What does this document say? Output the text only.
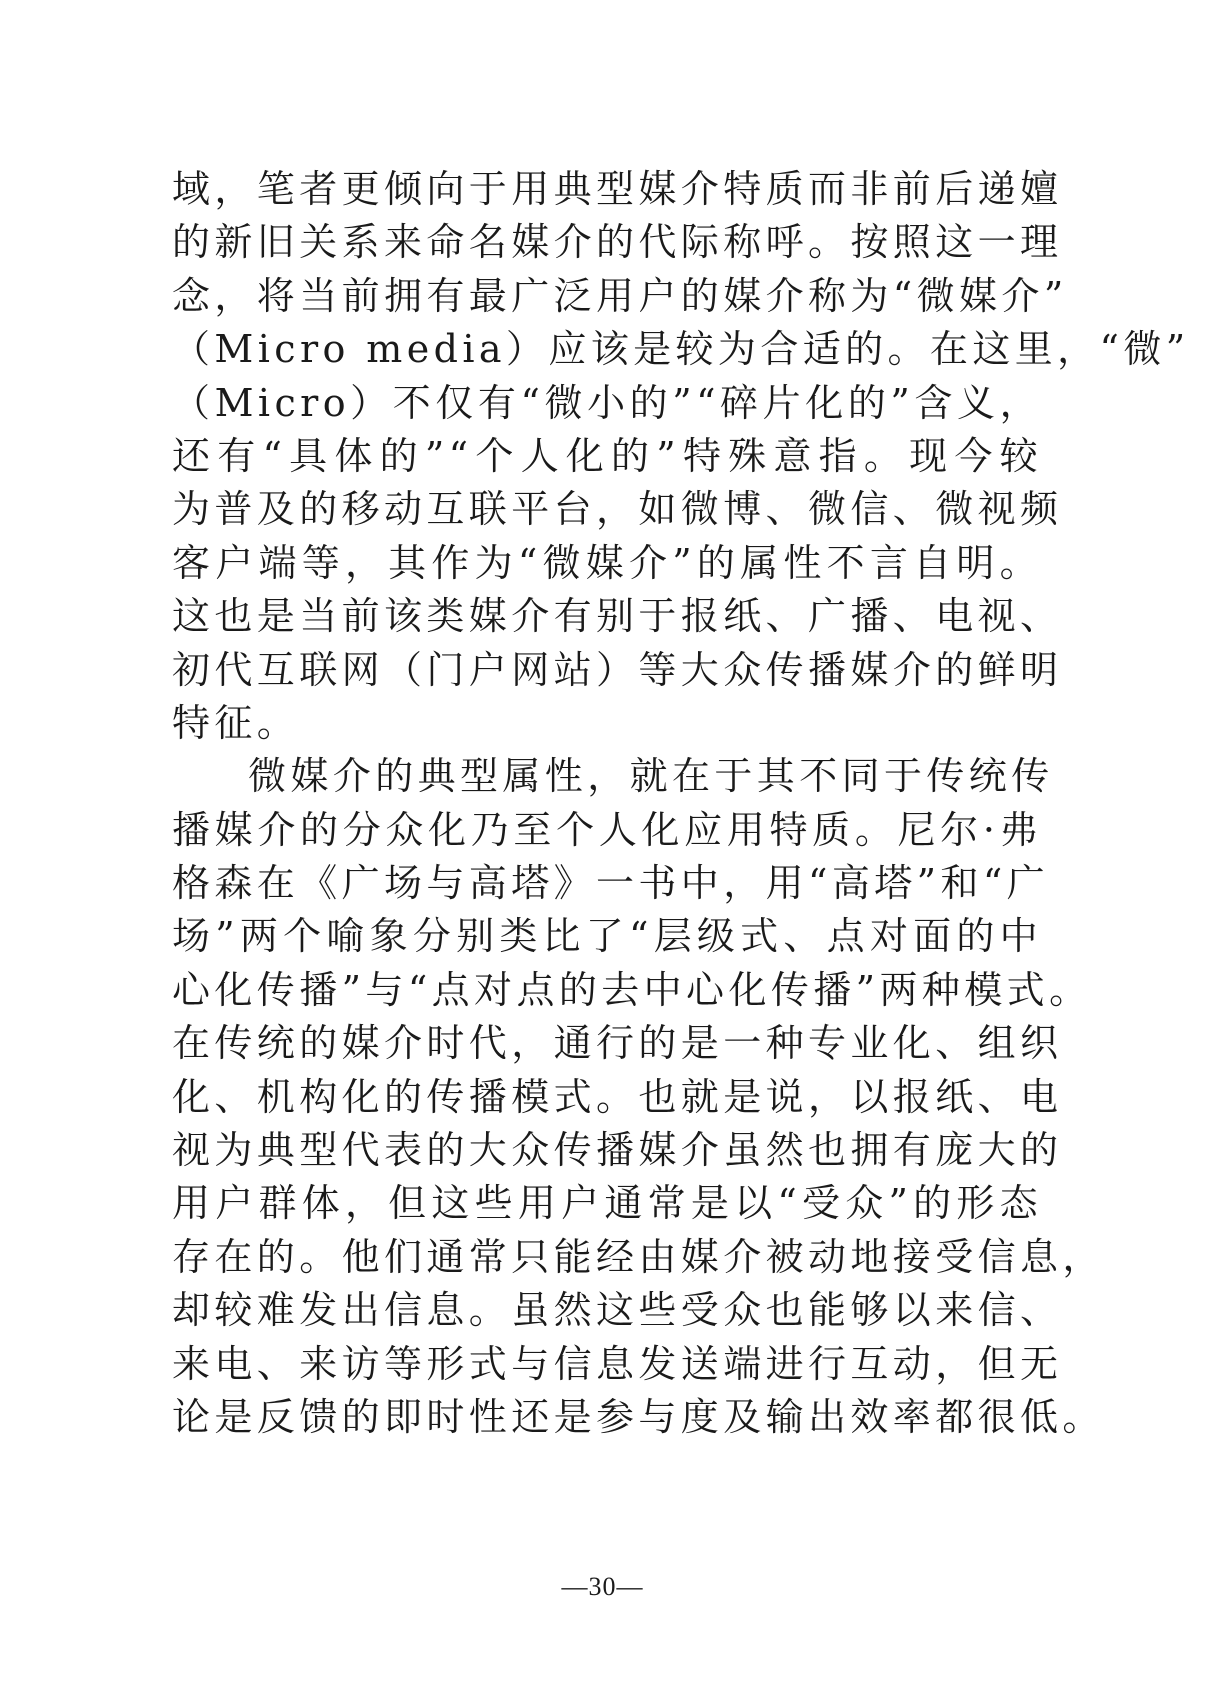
域，笔者更倾向于用典型媒介特质而非前后递嬗
的新旧关系来命名媒介的代际称呼。按照这一理
念，将当前拥有最广泛用户的媒介称为“微媒介”
（Micro media）应该是较为合适的。在这里，“微”
（Micro）不仅有“微小的”“碎片化的”含义，
还有“具体的”“个人化的”特殊意指。现今较
为普及的移动互联平台，如微博、微信、微视频
客户端等，其作为“微媒介”的属性不言自明。
这也是当前该类媒介有别于报纸、广播、电视、
初代互联网（门户网站）等大众传播媒介的鲜明
特征。
微媒介的典型属性，就在于其不同于传统传
播媒介的分众化乃至个人化应用特质。尼尔·弗
格森在《广场与高塔》一书中，用“高塔”和“广
场”两个喻象分别类比了“层级式、点对面的中
心化传播”与“点对点的去中心化传播”两种模式。
在传统的媒介时代，通行的是一种专业化、组织
化、机构化的传播模式。也就是说，以报纸、电
视为典型代表的大众传播媒介虽然也拥有庞大的
用户群体，但这些用户通常是以“受众”的形态
存在的。他们通常只能经由媒介被动地接受信息，
却较难发出信息。虽然这些受众也能够以来信、
来电、来访等形式与信息发送端进行互动，但无
论是反馈的即时性还是参与度及输出效率都很低。
—30—
